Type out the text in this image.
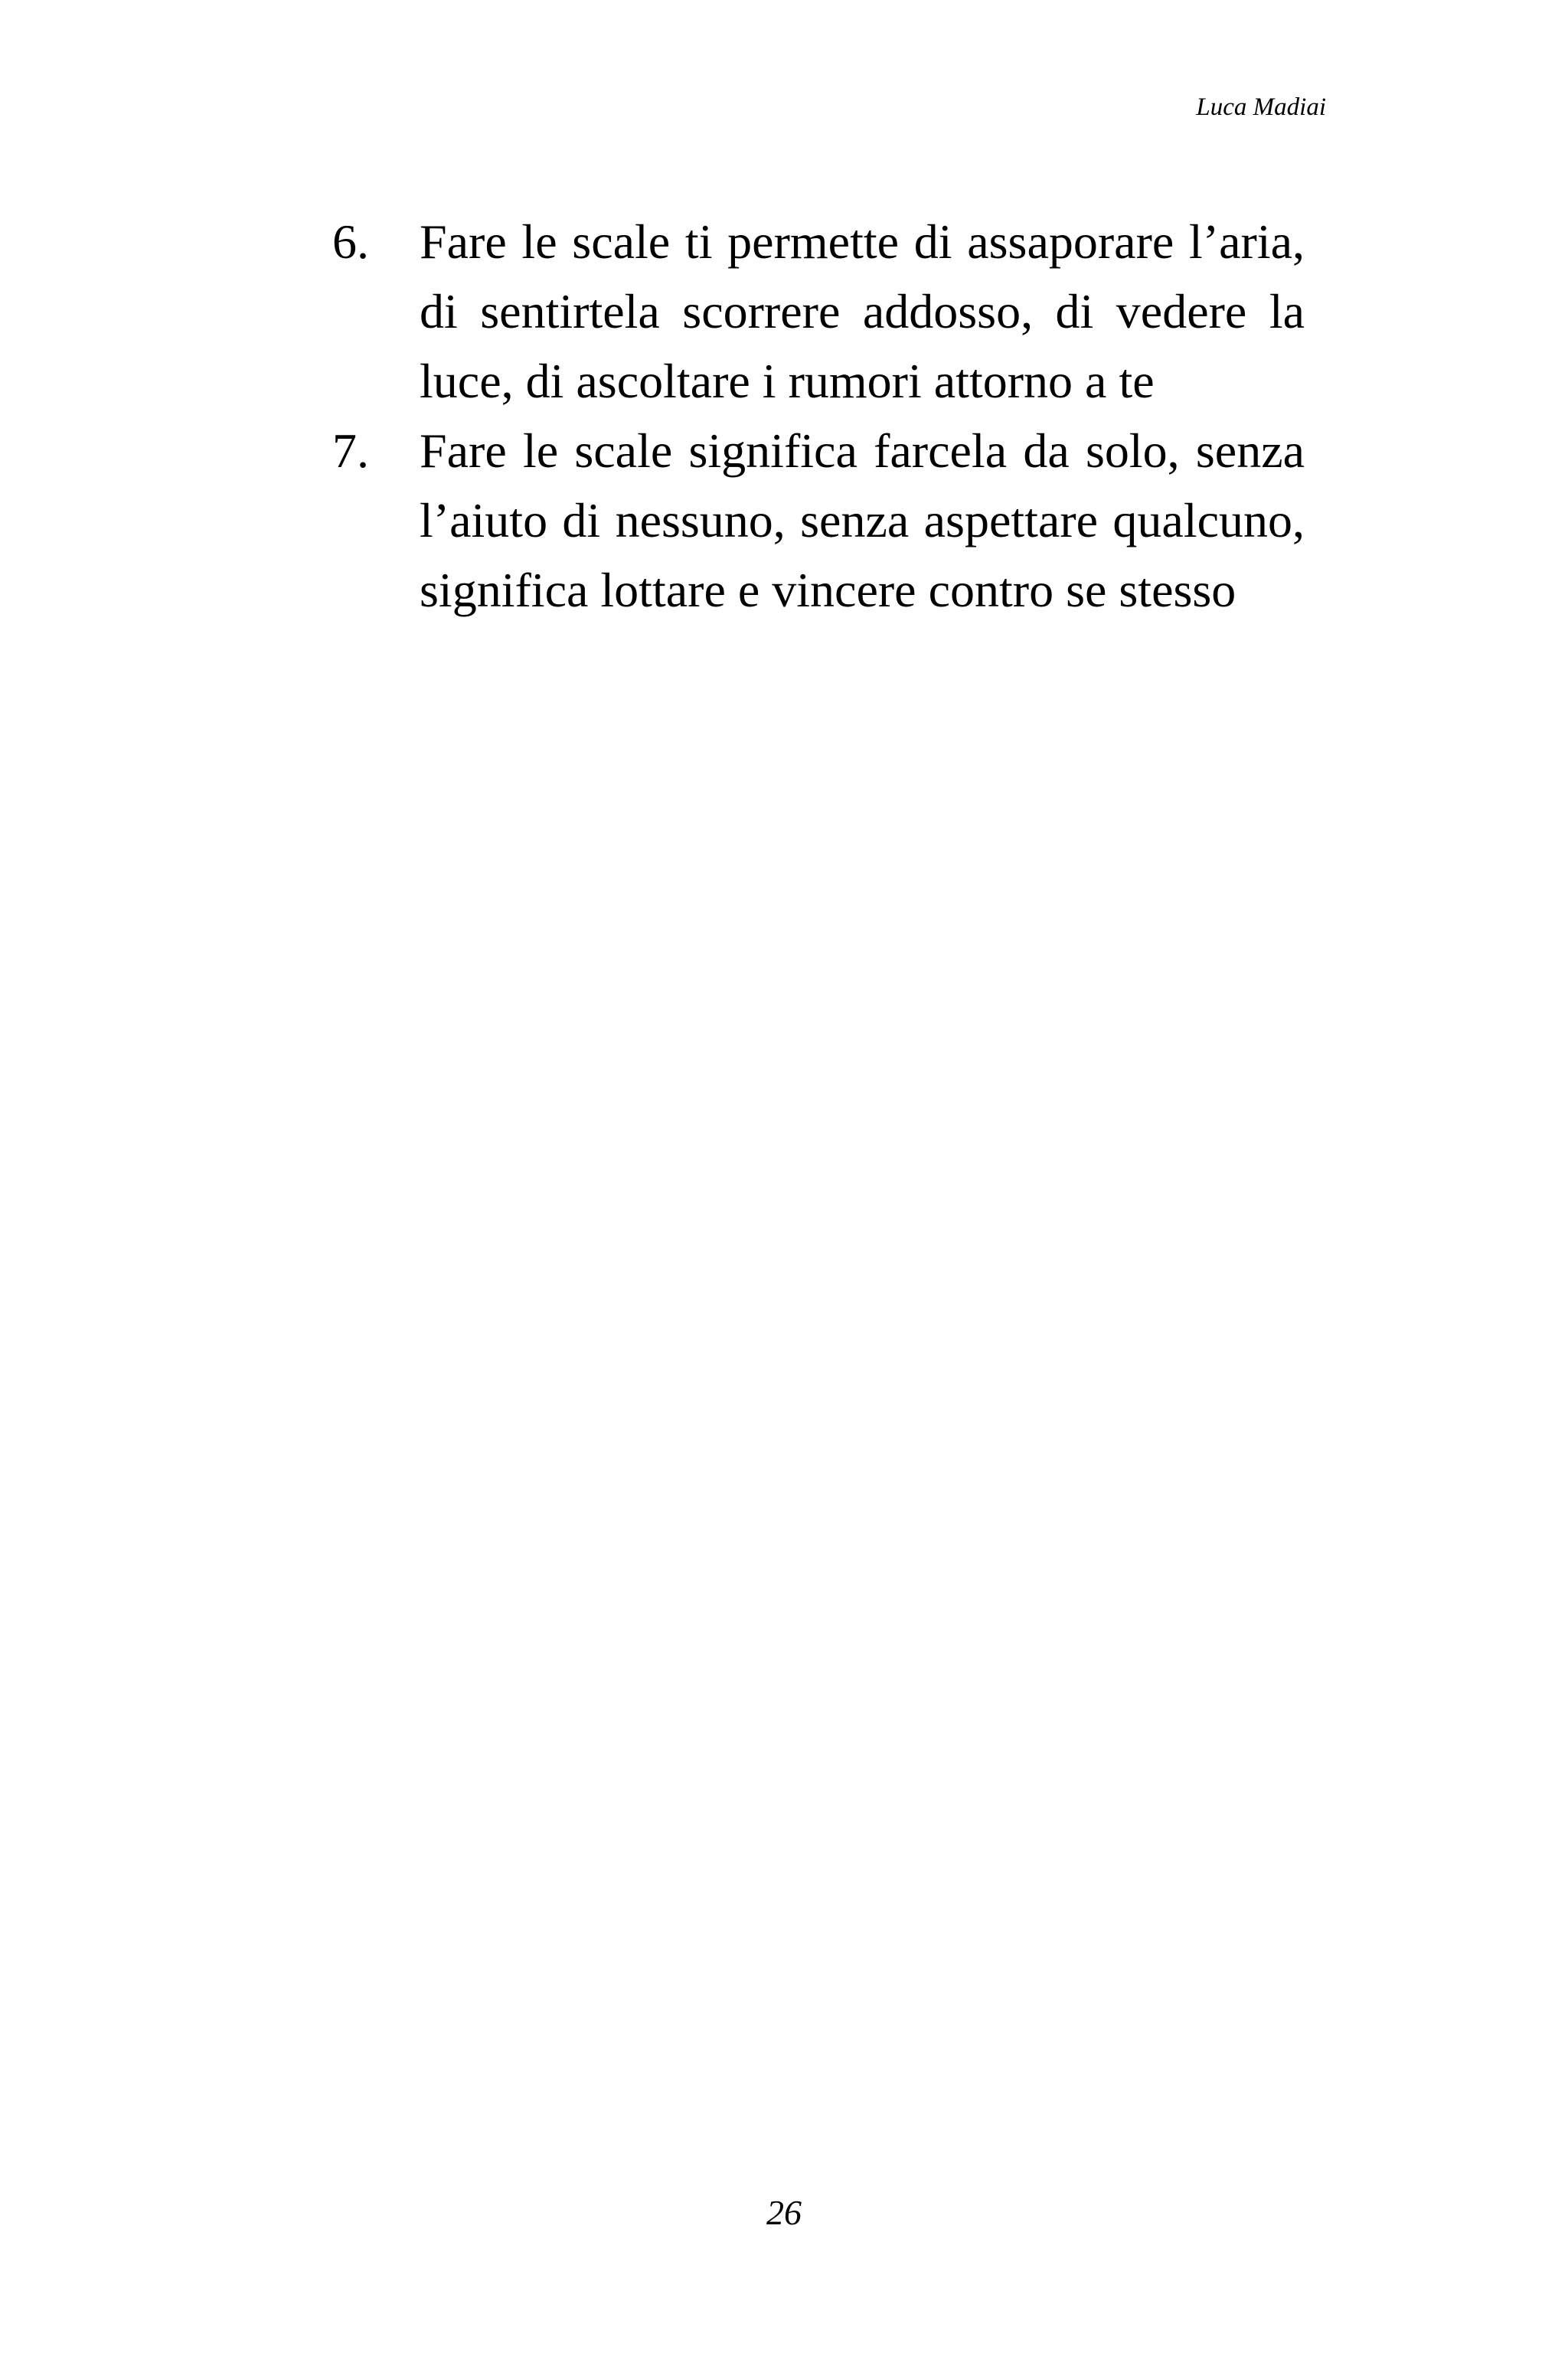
Luca Madiai
6.	Fare le scale ti permette di assaporare l’aria, di sentirtela scorrere addosso, di vedere la luce, di ascoltare i rumori attorno a te

7.	Fare le scale significa farcela da solo, senza l’aiuto di nessuno, senza aspettare qualcuno, significa lottare e vincere contro se stesso

26
